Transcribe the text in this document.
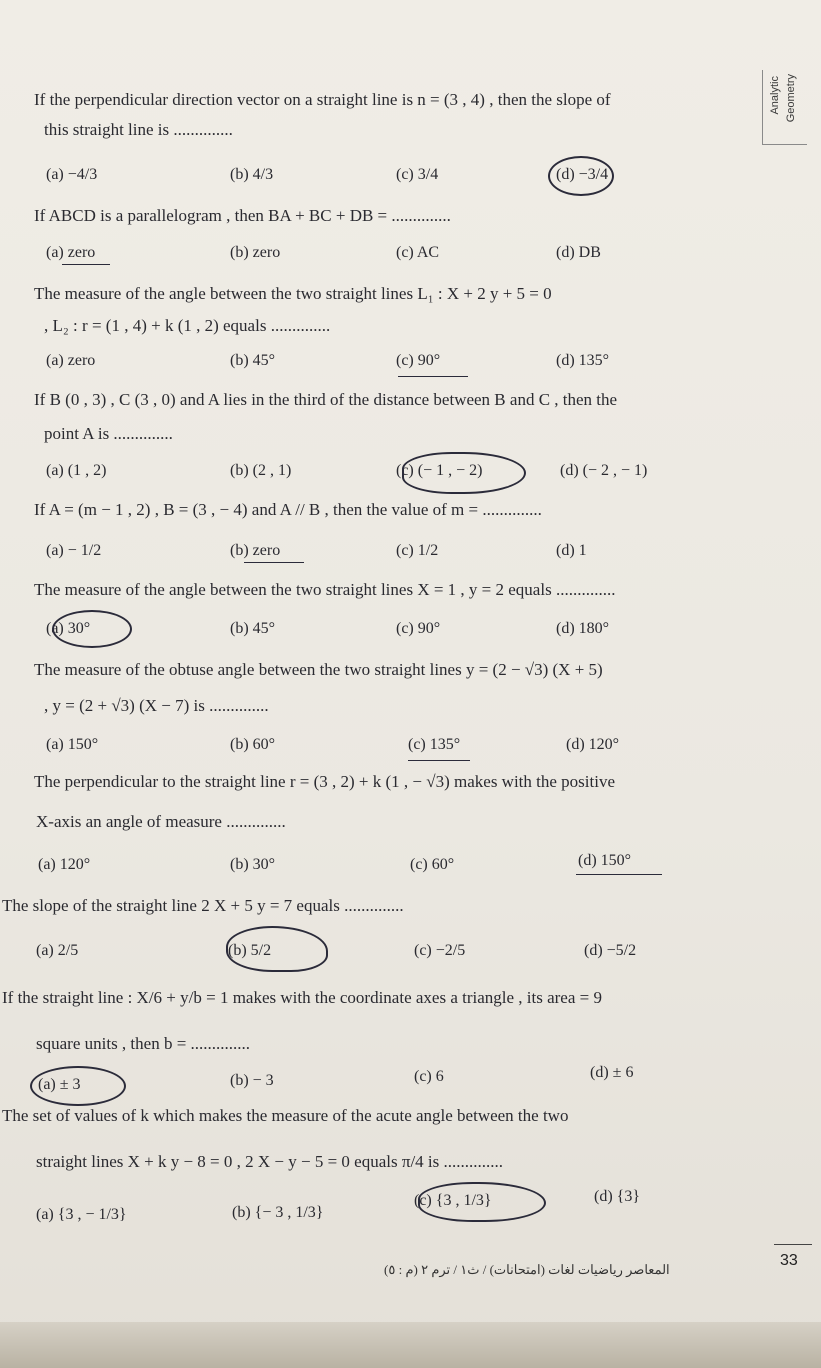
Analytic Geometry
If the perpendicular direction vector on a straight line is n = (3 , 4) , then the slope of
this straight line is ..............
(a) −4/3	(b) 4/3	(c) 3/4	(d) −3/4
If ABCD is a parallelogram , then BA + BC + DB = ..............
(a) zero	(b) zero	(c) AC	(d) DB
The measure of the angle between the two straight lines L₁ : X + 2 y + 5 = 0
, L₂ : r = (1 , 4) + k (1 , 2) equals ..............
(a) zero	(b) 45°	(c) 90°	(d) 135°
If B (0 , 3) , C (3 , 0) and A lies in the third of the distance between B and C , then the
point A is ..............
(a) (1 , 2)	(b) (2 , 1)	(c) (− 1 , − 2)	(d) (− 2 , − 1)
If A = (m − 1 , 2) , B = (3 , − 4) and A // B , then the value of m = ..............
(a) − 1/2	(b) zero	(c) 1/2	(d) 1
The measure of the angle between the two straight lines X = 1 , y = 2 equals ..............
(a) 30°	(b) 45°	(c) 90°	(d) 180°
The measure of the obtuse angle between the two straight lines y = (2 − √3) (X + 5)
, y = (2 + √3) (X − 7) is ..............
(a) 150°	(b) 60°	(c) 135°	(d) 120°
The perpendicular to the straight line r = (3 , 2) + k (1 , − √3) makes with the positive
X-axis an angle of measure ..............
(a) 120°	(b) 30°	(c) 60°	(d) 150°
The slope of the straight line 2 X + 5 y = 7 equals ..............
(a) 2/5	(b) 5/2	(c) −2/5	(d) −5/2
If the straight line : X/6 + y/b = 1 makes with the coordinate axes a triangle , its area = 9
square units , then b = ..............
(a) ± 3	(b) − 3	(c) 6	(d) ± 6
The set of values of k which makes the measure of the acute angle between the two
straight lines X + k y − 8 = 0 , 2 X − y − 5 = 0 equals π/4 is ..............
(a) {3 , − 1/3}	(b) {− 3 , 1/3}
(c) {3 , 1/3}	(d) {3}
المعاصر رياضيات لغات (امتحانات) / ث١ / ترم ٢ (م : ٥)
33
